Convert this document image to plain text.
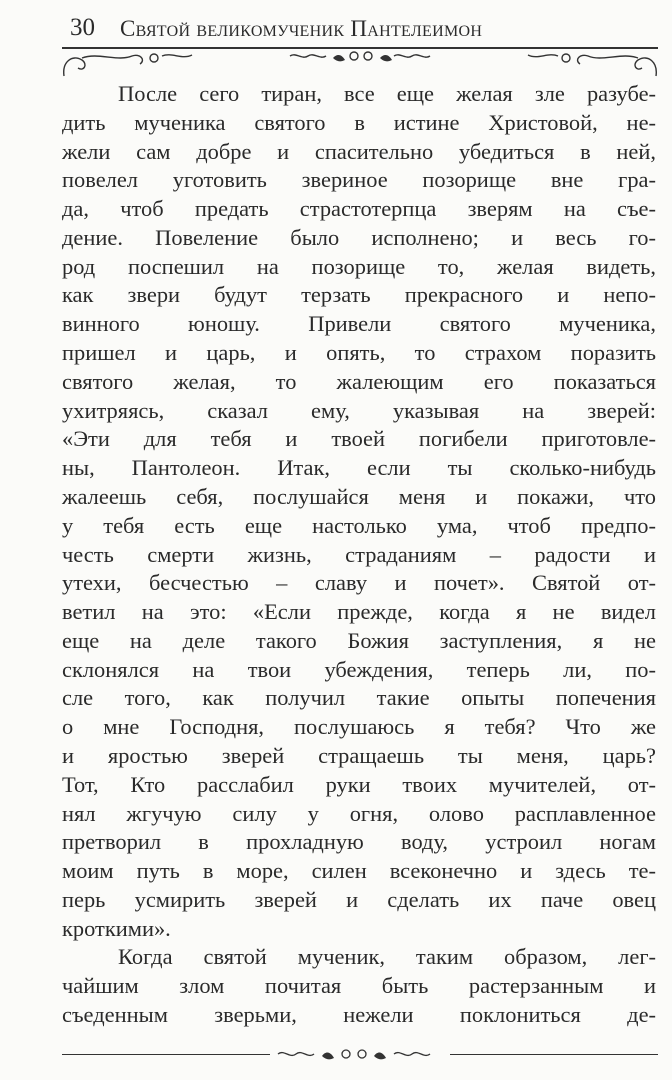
30 Святой великомученик Пантелеимон
После сего тиран, все еще желая зле разубе-
дить мученика святого в истине Христовой, не-
жели сам добре и спасительно убедиться в ней,
повелел уготовить звериное позорище вне гра-
да, чтоб предать страстотерпца зверям на съе-
дение. Повеление было исполнено; и весь го-
род поспешил на позорище то, желая видеть,
как звери будут терзать прекрасного и непо-
винного юношу. Привели святого мученика,
пришел и царь, и опять, то страхом поразить
святого желая, то жалеющим его показаться
ухитряясь, сказал ему, указывая на зверей:
«Эти для тебя и твоей погибели приготовле-
ны, Пантолеон. Итак, если ты сколько-нибудь
жалеешь себя, послушайся меня и покажи, что
у тебя есть еще настолько ума, чтоб предпо-
честь смерти жизнь, страданиям – радости и
утехи, бесчестью – славу и почет». Святой от-
ветил на это: «Если прежде, когда я не видел
еще на деле такого Божия заступления, я не
склонялся на твои убеждения, теперь ли, по-
сле того, как получил такие опыты попечения
о мне Господня, послушаюсь я тебя? Что же
и яростью зверей стращаешь ты меня, царь?
Тот, Кто расслабил руки твоих мучителей, от-
нял жгучую силу у огня, олово расплавленное
претворил в прохладную воду, устроил ногам
моим путь в море, силен всеконечно и здесь те-
перь усмирить зверей и сделать их паче овец
кроткими».
Когда святой мученик, таким образом, лег-
чайшим злом почитая быть растерзанным и
съеденным зверьми, нежели поклониться де-
